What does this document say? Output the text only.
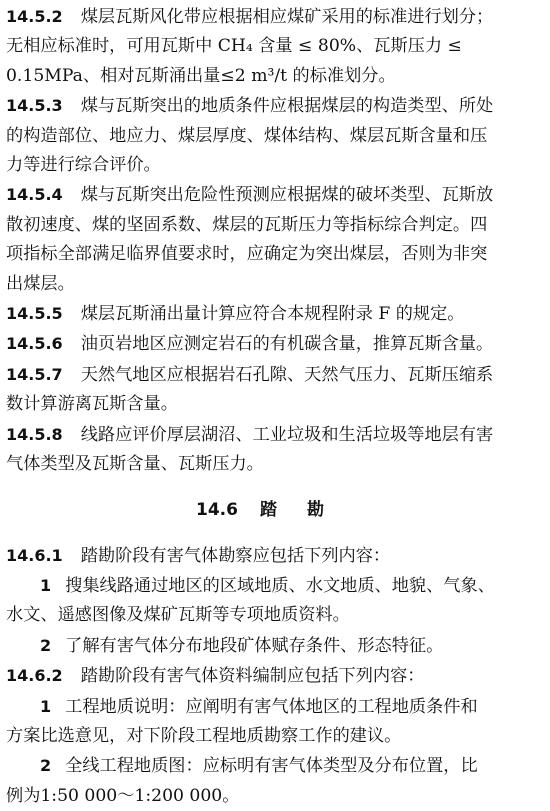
14.5.2 煤层瓦斯风化带应根据相应煤矿采用的标准进行划分；
无相应标准时，可用瓦斯中 CH₄ 含量 ≤ 80%、瓦斯压力 ≤
0.15MPa、相对瓦斯涌出量≤2 m³/t 的标准划分。
14.5.3 煤与瓦斯突出的地质条件应根据煤层的构造类型、所处
的构造部位、地应力、煤层厚度、煤体结构、煤层瓦斯含量和压
力等进行综合评价。
14.5.4 煤与瓦斯突出危险性预测应根据煤的破坏类型、瓦斯放
散初速度、煤的坚固系数、煤层的瓦斯压力等指标综合判定。四
项指标全部满足临界值要求时，应确定为突出煤层，否则为非突
出煤层。
14.5.5 煤层瓦斯涌出量计算应符合本规程附录 F 的规定。
14.5.6 油页岩地区应测定岩石的有机碳含量，推算瓦斯含量。
14.5.7 天然气地区应根据岩石孔隙、天然气压力、瓦斯压缩系
数计算游离瓦斯含量。
14.5.8 线路应评价厚层湖沼、工业垃圾和生活垃圾等地层有害
气体类型及瓦斯含量、瓦斯压力。
14.6 踏勘
14.6.1 踏勘阶段有害气体勘察应包括下列内容：
1 搜集线路通过地区的区域地质、水文地质、地貌、气象、
水文、遥感图像及煤矿瓦斯等专项地质资料。
2 了解有害气体分布地段矿体赋存条件、形态特征。
14.6.2 踏勘阶段有害气体资料编制应包括下列内容：
1 工程地质说明：应阐明有害气体地区的工程地质条件和
方案比选意见，对下阶段工程地质勘察工作的建议。
2 全线工程地质图：应标明有害气体类型及分布位置，比
例为1:50 000～1:200 000。
